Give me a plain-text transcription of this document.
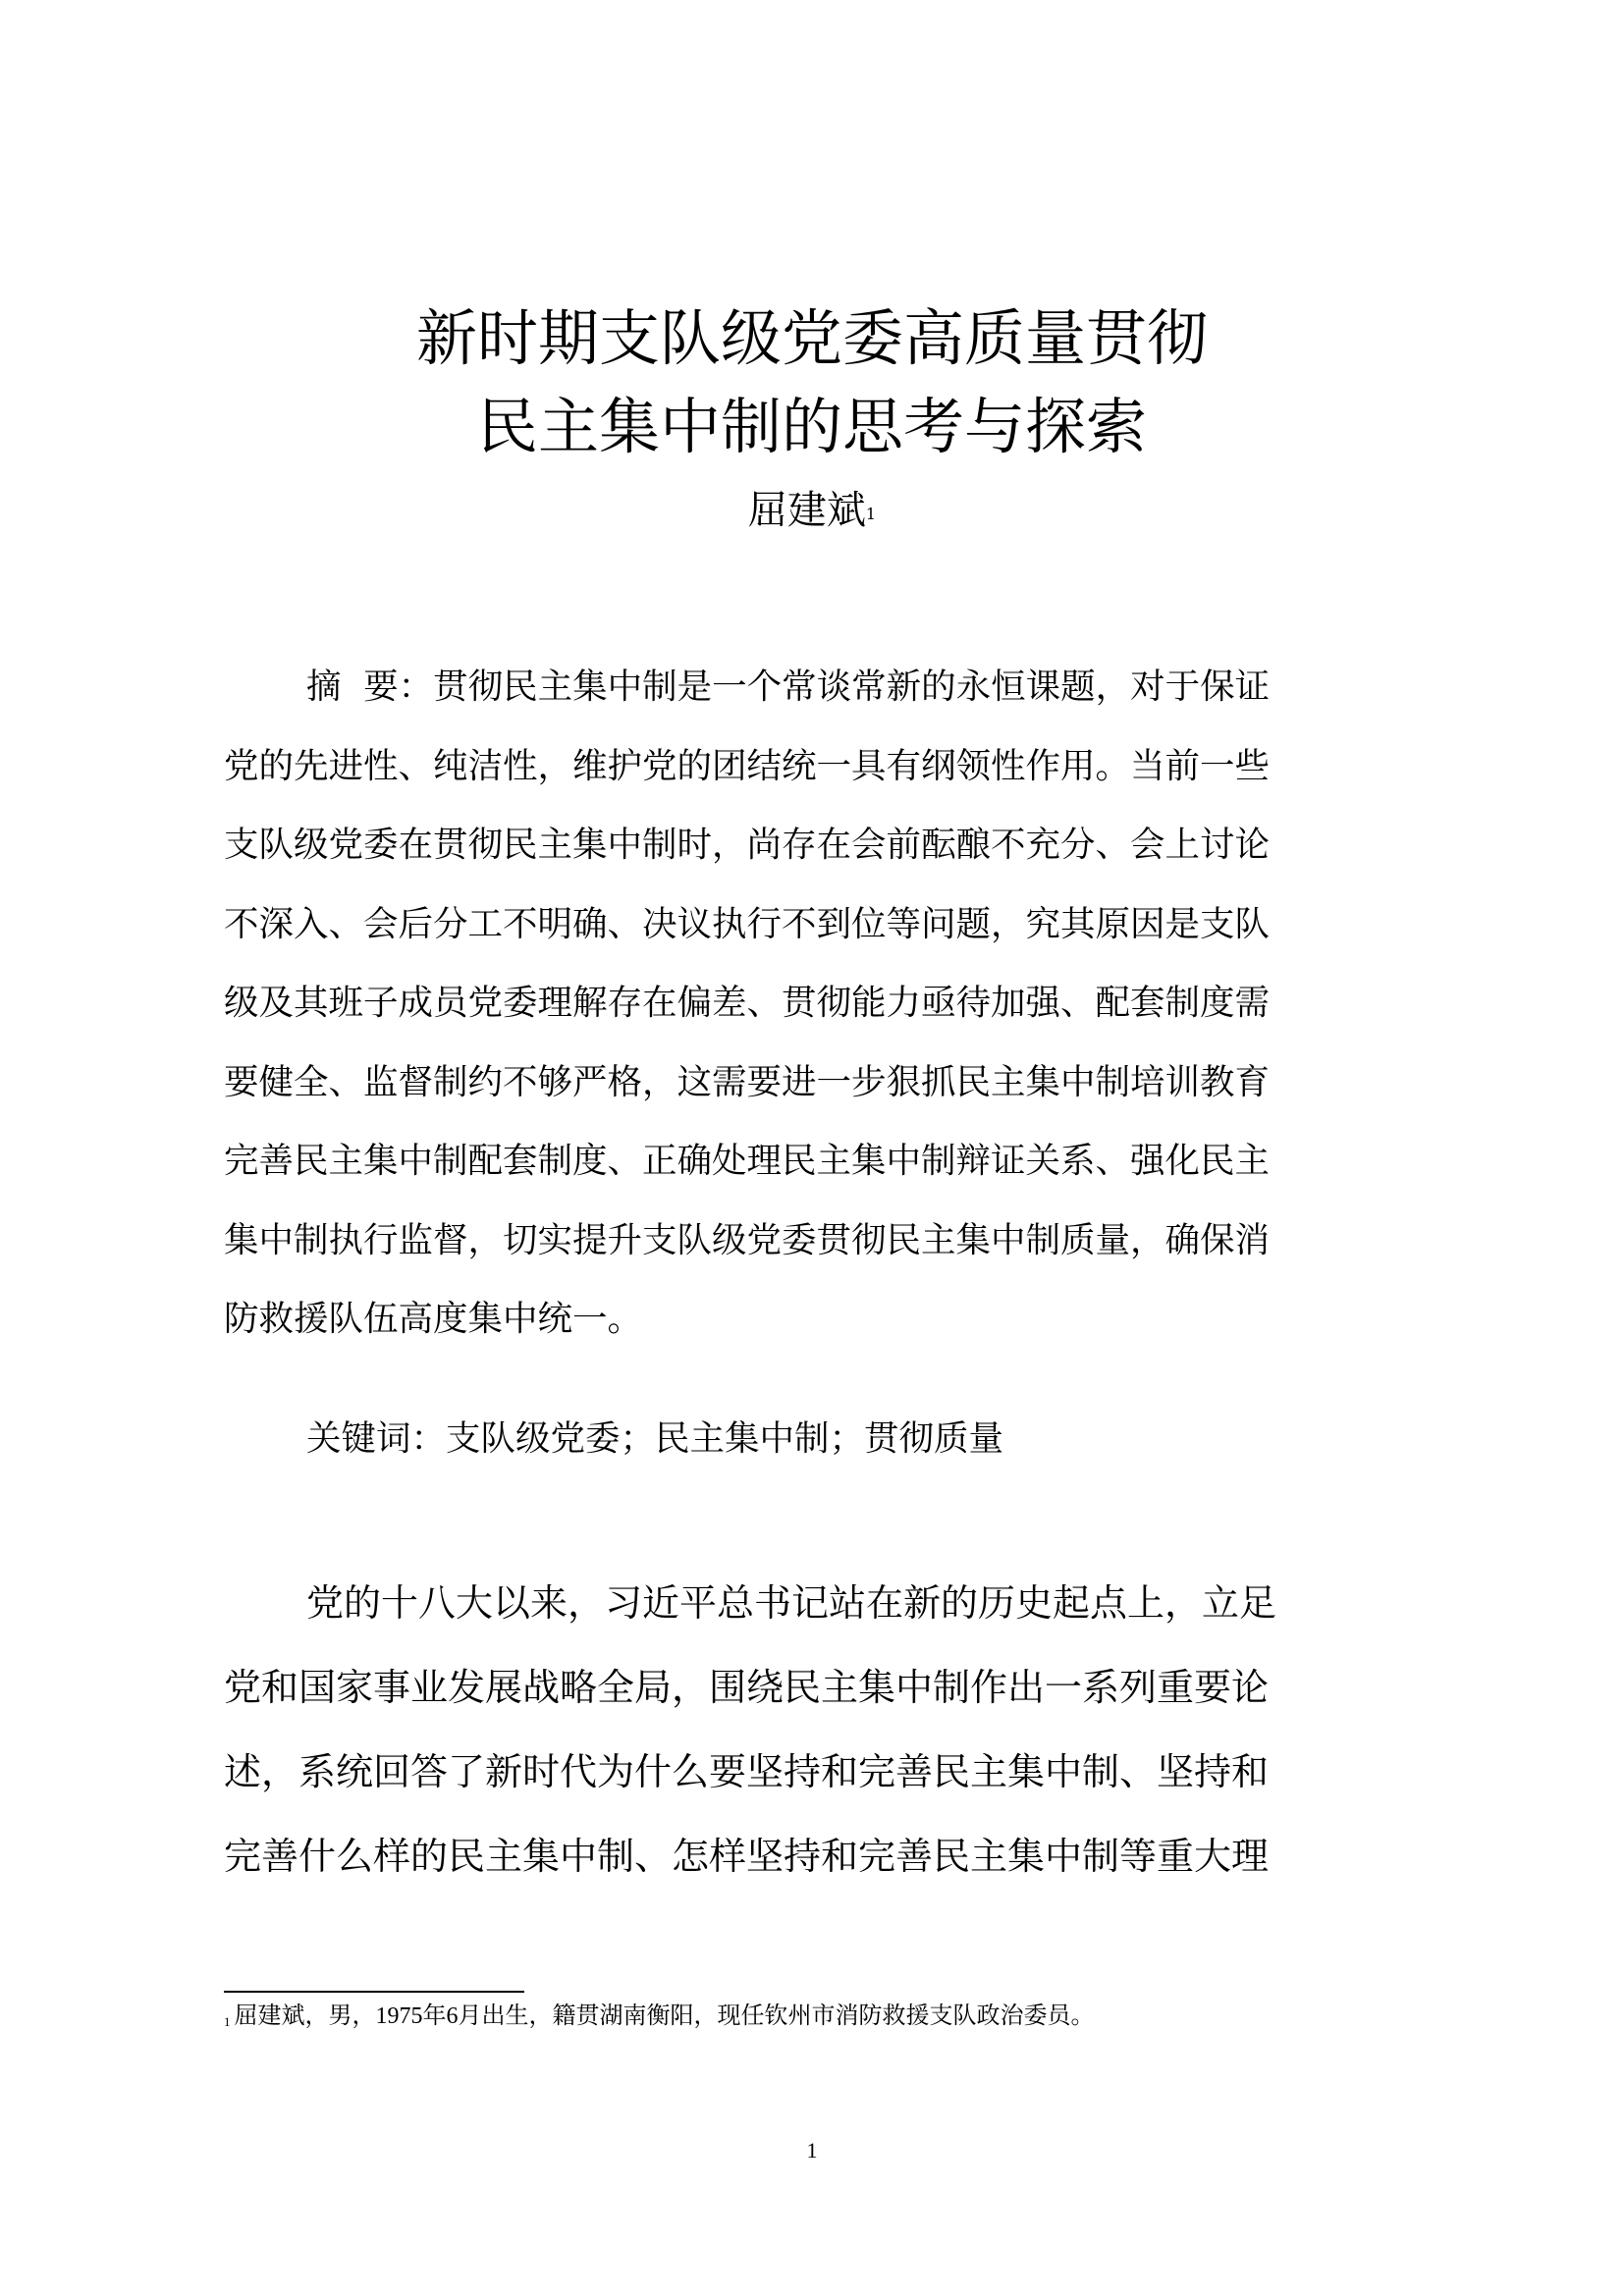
新时期支队级党委高质量贯彻
民主集中制的思考与探索
屈建斌$^1$
摘  要：贯彻民主集中制是一个常谈常新的永恒课题，对于保证
党的先进性、纯洁性，维护党的团结统一具有纲领性作用。当前一些
支队级党委在贯彻民主集中制时，尚存在会前酝酿不充分、会上讨论
不深入、会后分工不明确、决议执行不到位等问题，究其原因是支队
级及其班子成员党委理解存在偏差、贯彻能力亟待加强、配套制度需
要健全、监督制约不够严格，这需要进一步狠抓民主集中制培训教育
完善民主集中制配套制度、正确处理民主集中制辩证关系、强化民主
集中制执行监督，切实提升支队级党委贯彻民主集中制质量，确保消
防救援队伍高度集中统一。
关键词：支队级党委；民主集中制；贯彻质量
党的十八大以来，习近平总书记站在新的历史起点上，立足
党和国家事业发展战略全局，围绕民主集中制作出一系列重要论
述，系统回答了新时代为什么要坚持和完善民主集中制、坚持和
完善什么样的民主集中制、怎样坚持和完善民主集中制等重大理
$^1$ 屈建斌，男，1975年6月出生，籍贯湖南衡阳，现任钦州市消防救援支队政治委员。
1
